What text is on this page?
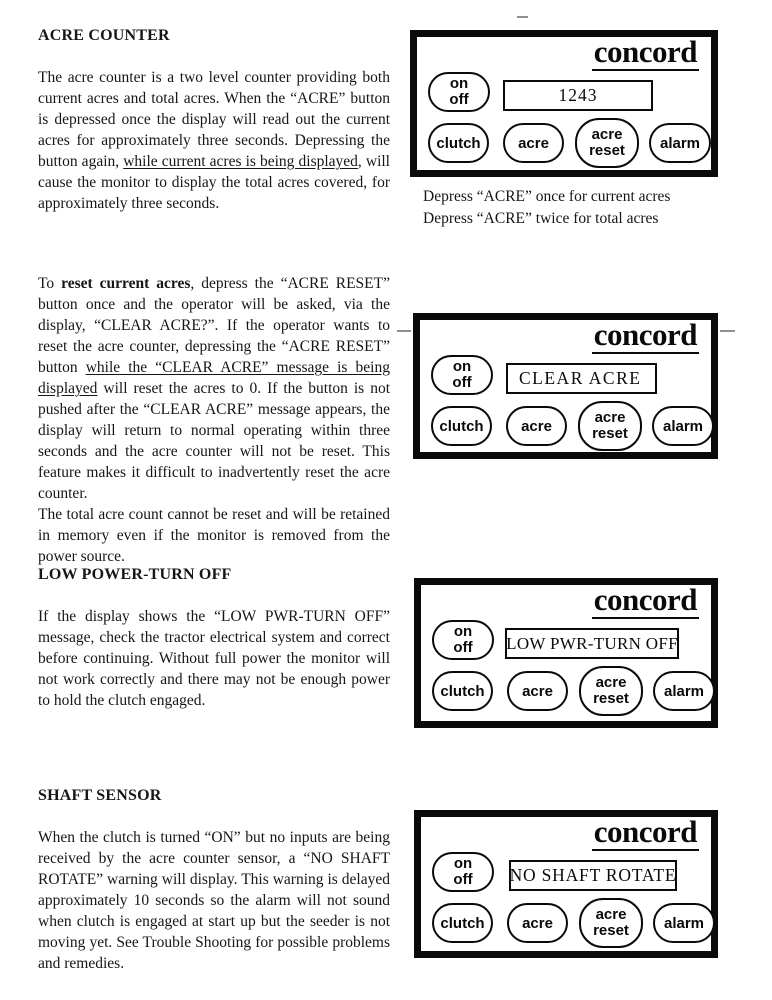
ACRE COUNTER

The acre counter is a two level counter providing both current acres and total acres. When the “ACRE” button is depressed once the display will read out the current acres for approximately three seconds. Depressing the button again, while current acres is being displayed, will cause the monitor to display the total acres covered, for approximately three seconds.

To reset current acres, depress the “ACRE RESET” button once and the operator will be asked, via the display, “CLEAR ACRE?”. If the operator wants to reset the acre counter, depressing the “ACRE RESET” button while the “CLEAR ACRE” message is being displayed will reset the acres to 0. If the button is not pushed after the “CLEAR ACRE” message appears, the display will return to normal operating within three seconds and the acre counter will not be reset. This feature makes it difficult to inadvertently reset the acre counter.

The total acre count cannot be reset and will be retained in memory even if the monitor is removed from the power source.

LOW POWER-TURN OFF

If the display shows the “LOW PWR-TURN OFF” message, check the tractor electrical system and correct before continuing. Without full power the monitor will not work correctly and there may not be enough power to hold the clutch engaged.

SHAFT SENSOR

When the clutch is turned “ON” but no inputs are being received by the acre counter sensor, a “NO SHAFT ROTATE” warning will display. This warning is delayed approximately 10 seconds so the alarm will not sound when clutch is engaged at start up but the seeder is not moving yet. See Trouble Shooting for possible problems and remedies.

concord
on
off	1243
clutch	acre	acre
reset	alarm
Depress “ACRE” once for current acres
Depress “ACRE” twice for total acres
concord
on
off	CLEAR ACRE
clutch	acre	acre
reset	alarm
concord
on
off LOW PWR-TURN OFF
clutch	acre	acre
reset	alarm
concord
on
off NO SHAFT ROTATE
clutch	acre	acre
reset	alarm
